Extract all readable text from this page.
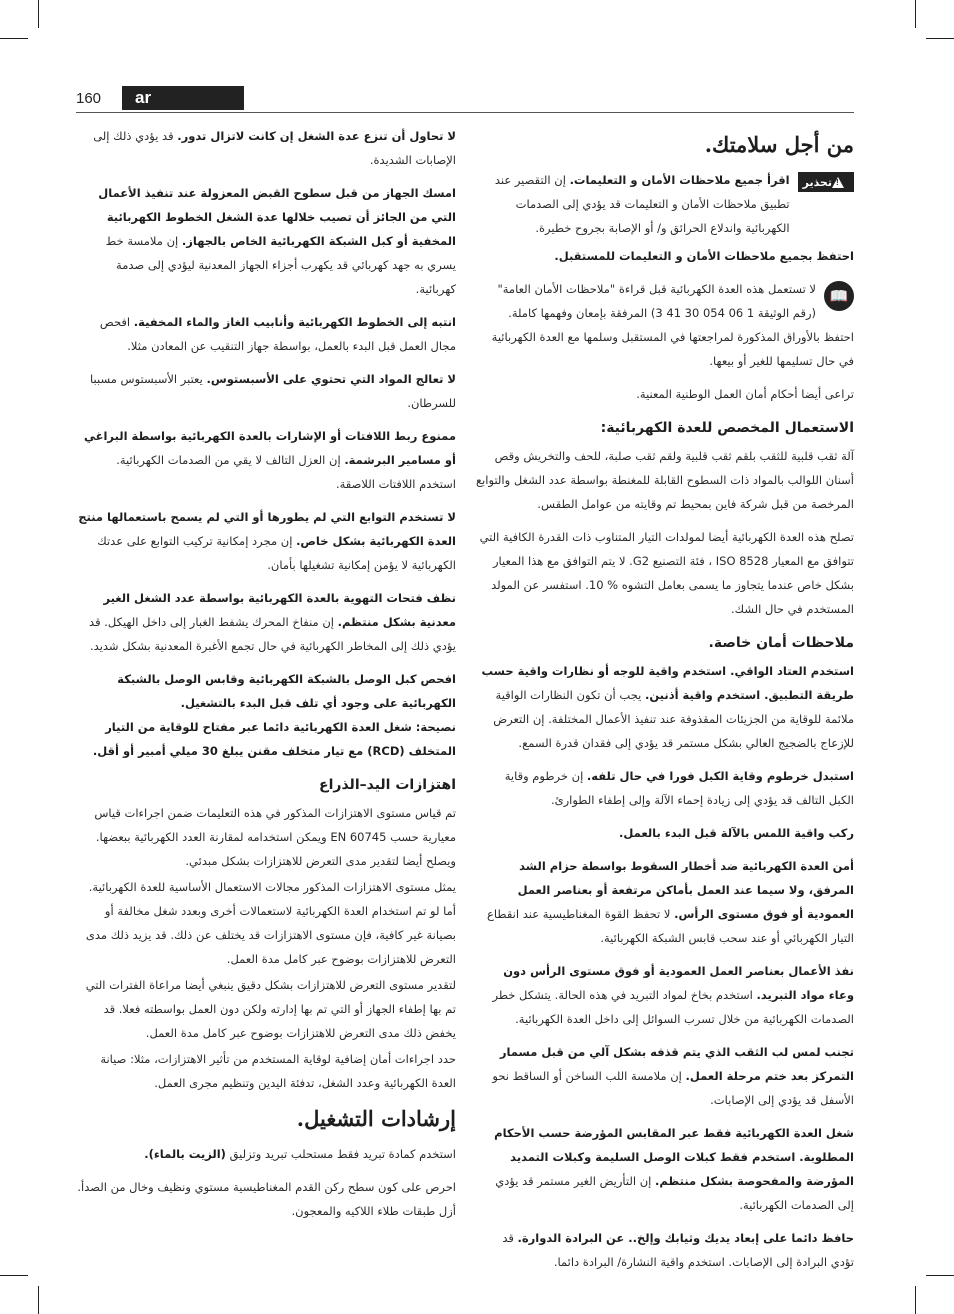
160	ar
من أجل سلامتك.
!
تحذير

اقرأ جميع ملاحظات الأمان و التعليمات. إن التقصير عند تطبيق ملاحظات الأمان و التعليمات قد يؤدي إلى الصدمات الكهربائية واندلاع الحرائق و/ أو الإصابة بجروح خطيرة.

احتفظ بجميع ملاحظات الأمان و التعليمات للمستقبل.

📖

لا تستعمل هذه العدة الكهربائية قبل قراءة "ملاحظات الأمان العامة" (رقم الوثيقة 1 06 054 30 41 3) المرفقة بإمعان وفهمها كاملة.

احتفظ بالأوراق المذكورة لمراجعتها في المستقبل وسلمها مع العدة الكهربائية في حال تسليمها للغير أو بيعها.

تراعى أيضا أحكام أمان العمل الوطنية المعنية.

الاستعمال المخصص للعدة الكهربائية:

آلة ثقب قلبية للثقب بلقم ثقب قلبية ولقم ثقب صلبة، للحف والتخريش وقص أسنان اللوالب بالمواد ذات السطوح القابلة للمغنطة بواسطة عدد الشغل والتوابع المرخصة من قبل شركة فاين بمحيط تم وقايته من عوامل الطقس.

تصلح هذه العدة الكهربائية أيضا لمولدات التيار المتناوب ذات القدرة الكافية التي تتوافق مع المعيار ISO 8528 ، فئة التصنيع G2. لا يتم التوافق مع هذا المعيار بشكل خاص عندما يتجاوز ما يسمى بعامل التشوه % 10. استفسر عن المولد المستخدم في حال الشك.

ملاحظات أمان خاصة.

استخدم العتاد الواقي. استخدم واقية للوجه أو نظارات واقية حسب طريقة التطبيق. استخدم واقية أذنين. يجب أن تكون النظارات الواقية ملائمة للوقاية من الجزيئات المقذوفة عند تنفيذ الأعمال المختلفة. إن التعرض للإزعاج بالضجيج العالي بشكل مستمر قد يؤدي إلى فقدان قدرة السمع.

استبدل خرطوم وقاية الكبل فورا في حال تلفه. إن خرطوم وقاية الكبل التالف قد يؤدي إلى زيادة إحماء الآلة وإلى إطفاء الطوارئ.

ركب واقية اللمس بالآلة قبل البدء بالعمل.

أمن العدة الكهربائية ضد أخطار السقوط بواسطة حزام الشد المرفق، ولا سيما عند العمل بأماكن مرتفعة أو بعناصر العمل العمودية أو فوق مستوى الرأس. لا تحفظ القوة المغناطيسية عند انقطاع التيار الكهربائي أو عند سحب قابس الشبكة الكهربائية.

نفذ الأعمال بعناصر العمل العمودية أو فوق مستوى الرأس دون وعاء مواد التبريد. استخدم بخاخ لمواد التبريد في هذه الحالة. يتشكل خطر الصدمات الكهربائية من خلال تسرب السوائل إلى داخل العدة الكهربائية.

تجنب لمس لب الثقب الذي يتم قذفه بشكل آلي من قبل مسمار التمركز بعد ختم مرحلة العمل. إن ملامسة اللب الساخن أو الساقط نحو الأسفل قد يؤدي إلى الإصابات.

شغل العدة الكهربائية فقط عبر المقابس المؤرضة حسب الأحكام المطلوبة. استخدم فقط كبلات الوصل السليمة وكبلات التمديد المؤرضة والمفحوصة بشكل منتظم. إن التأريض الغير مستمر قد يؤدي إلى الصدمات الكهربائية.

حافظ دائما على إبعاد يديك وثيابك وإلخ.. عن البرادة الدوارة. قد تؤدي البرادة إلى الإصابات. استخدم واقية النشارة/ البرادة دائما.

لا تحاول أن تنزع عدة الشغل إن كانت لاتزال تدور. قد يؤدي ذلك إلى الإصابات الشديدة.

امسك الجهاز من قبل سطوح القبض المعزولة عند تنفيذ الأعمال التي من الجائز أن تصيب خلالها عدة الشغل الخطوط الكهربائية المخفية أو كبل الشبكة الكهربائية الخاص بالجهاز. إن ملامسة خط يسري به جهد كهربائي قد يكهرب أجزاء الجهاز المعدنية ليؤدي إلى صدمة كهربائية.

انتبه إلى الخطوط الكهربائية وأنابيب الغاز والماء المخفية. افحص مجال العمل قبل البدء بالعمل، بواسطة جهاز التنقيب عن المعادن مثلا.

لا تعالج المواد التي تحتوي على الأسبستوس. يعتبر الأسبستوس مسببا للسرطان.

ممنوع ربط اللافتات أو الإشارات بالعدة الكهربائية بواسطة البراغي أو مسامير البرشمة. إن العزل التالف لا يقي من الصدمات الكهربائية. استخدم اللافتات اللاصقة.

لا تستخدم التوابع التي لم يطورها أو التي لم يسمح باستعمالها منتج العدة الكهربائية بشكل خاص. إن مجرد إمكانية تركيب التوابع على عدتك الكهربائية لا يؤمن إمكانية تشغيلها بأمان.

نظف فتحات التهوية بالعدة الكهربائية بواسطة عدد الشغل الغير معدنية بشكل منتظم. إن منفاخ المحرك يشفط الغبار إلى داخل الهيكل. قد يؤدي ذلك إلى المخاطر الكهربائية في حال تجمع الأغبرة المعدنية بشكل شديد.

افحص كبل الوصل بالشبكة الكهربائية وقابس الوصل بالشبكة الكهربائية على وجود أي تلف قبل البدء بالتشغيل.

نصيحة: شغل العدة الكهربائية دائما عبر مفتاح للوقاية من التيار المتخلف (RCD) مع تيار متخلف مقنن يبلغ 30 ميلي أمبير أو أقل.

اهتزازات اليد–الذراع

تم قياس مستوى الاهتزازات المذكور في هذه التعليمات ضمن اجراءات قياس معيارية حسب EN 60745 ويمكن استخدامه لمقارنة العدد الكهربائية ببعضها. ويصلح أيضا لتقدير مدى التعرض للاهتزازات بشكل مبدئي.

يمثل مستوى الاهتزازات المذكور مجالات الاستعمال الأساسية للعدة الكهربائية. أما لو تم استخدام العدة الكهربائية لاستعمالات أخرى وبعدد شغل مخالفة أو بصيانة غير كافية، فإن مستوى الاهتزازات قد يختلف عن ذلك. قد يزيد ذلك مدى التعرض للاهتزازات بوضوح عبر كامل مدة العمل.

لتقدير مستوى التعرض للاهتزازات بشكل دقيق ينبغي أيضا مراعاة الفترات التي تم بها إطفاء الجهاز أو التي تم بها إدارته ولكن دون العمل بواسطته فعلا. قد يخفض ذلك مدى التعرض للاهتزازات بوضوح عبر كامل مدة العمل.

حدد اجراءات أمان إضافية لوقاية المستخدم من تأثير الاهتزازات، مثلا: صيانة العدة الكهربائية وعدد الشغل، تدفئة اليدين وتنظيم مجرى العمل.

إرشادات التشغيل.

استخدم كمادة تبريد فقط مستحلب تبريد وتزليق (الزيت بالماء).

احرص على كون سطح ركن القدم المغناطيسية مستوي ونظيف وخال من الصدأ. أزل طبقات طلاء اللاكيه والمعجون.
